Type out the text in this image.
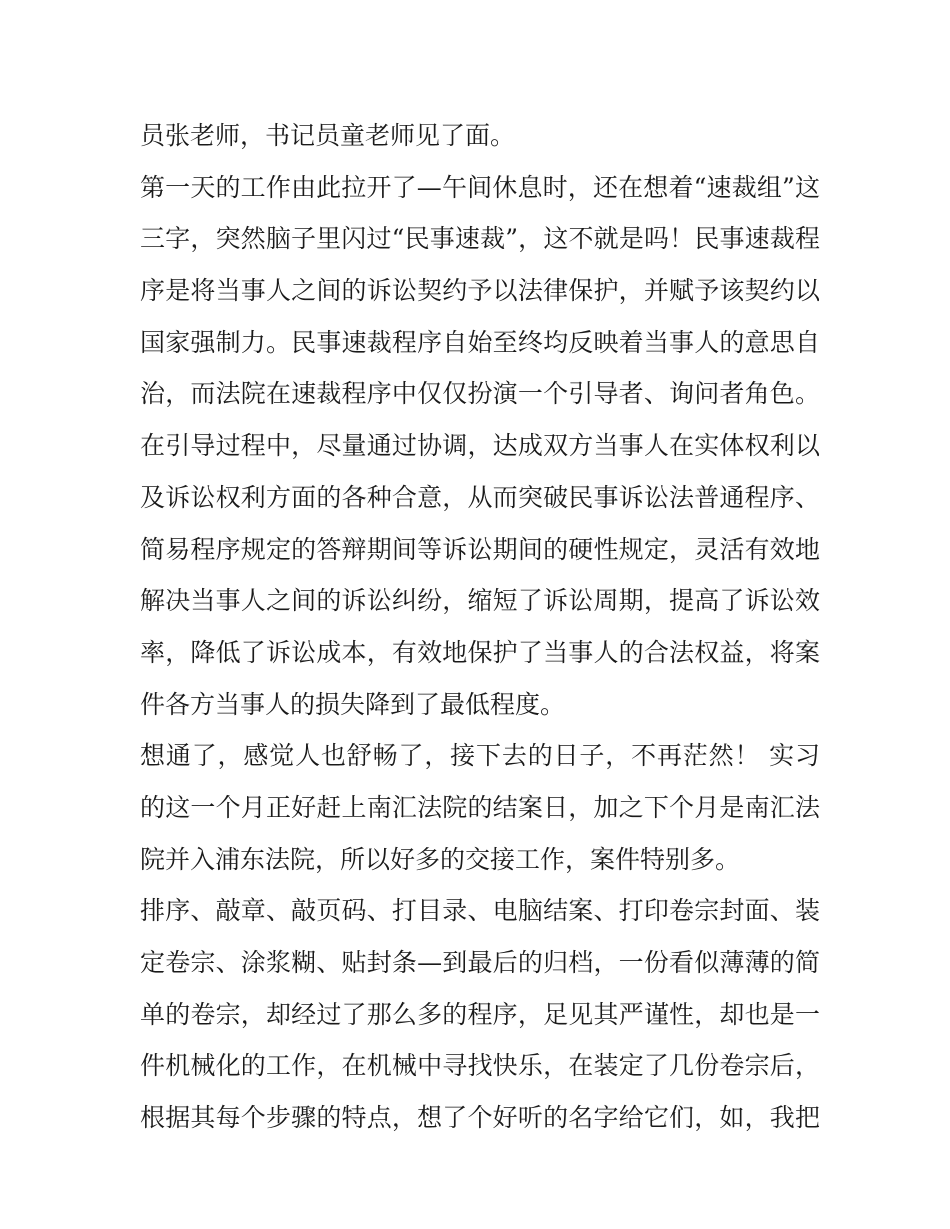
员张老师，书记员童老师见了面。
第一天的工作由此拉开了—午间休息时，还在想着“速裁组”这
三字，突然脑子里闪过“民事速裁”，这不就是吗！民事速裁程
序是将当事人之间的诉讼契约予以法律保护，并赋予该契约以
国家强制力。民事速裁程序自始至终均反映着当事人的意思自
治，而法院在速裁程序中仅仅扮演一个引导者、询问者角色。
在引导过程中，尽量通过协调，达成双方当事人在实体权利以
及诉讼权利方面的各种合意，从而突破民事诉讼法普通程序、
简易程序规定的答辩期间等诉讼期间的硬性规定，灵活有效地
解决当事人之间的诉讼纠纷，缩短了诉讼周期，提高了诉讼效
率，降低了诉讼成本，有效地保护了当事人的合法权益，将案
件各方当事人的损失降到了最低程度。
想通了，感觉人也舒畅了，接下去的日子，不再茫然！ 实习
的这一个月正好赶上南汇法院的结案日，加之下个月是南汇法
院并入浦东法院，所以好多的交接工作，案件特别多。
排序、敲章、敲页码、打目录、电脑结案、打印卷宗封面、装
定卷宗、涂浆糊、贴封条—到最后的归档，一份看似薄薄的简
单的卷宗，却经过了那么多的程序，足见其严谨性，却也是一
件机械化的工作，在机械中寻找快乐，在装定了几份卷宗后，
根据其每个步骤的特点，想了个好听的名字给它们，如，我把
